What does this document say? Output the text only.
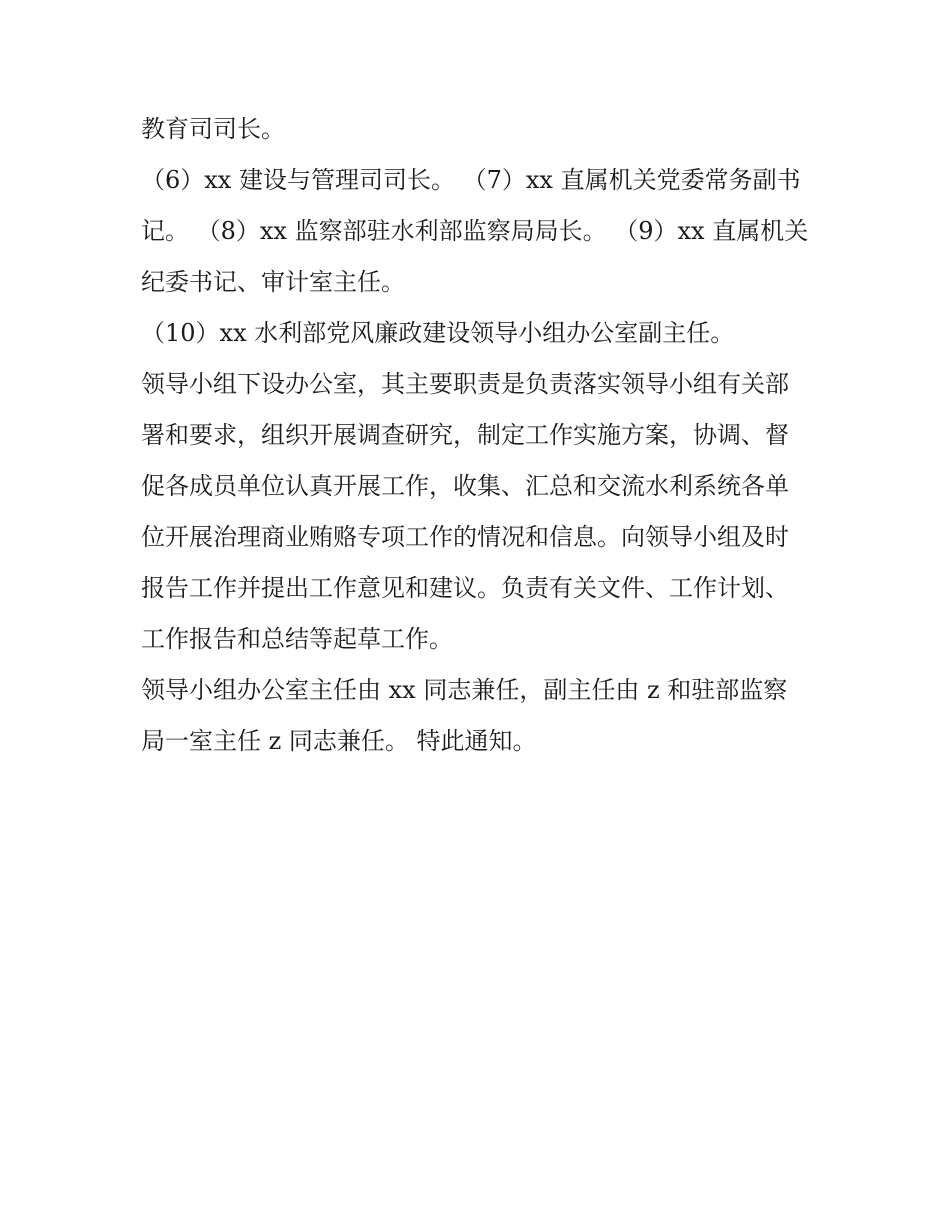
教育司司长。
（6）xx 建设与管理司司长。 （7）xx 直属机关党委常务副书
记。 （8）xx 监察部驻水利部监察局局长。 （9）xx 直属机关
纪委书记、审计室主任。
（10）xx 水利部党风廉政建设领导小组办公室副主任。
领导小组下设办公室，其主要职责是负责落实领导小组有关部
署和要求，组织开展调查研究，制定工作实施方案，协调、督
促各成员单位认真开展工作，收集、汇总和交流水利系统各单
位开展治理商业贿赂专项工作的情况和信息。向领导小组及时
报告工作并提出工作意见和建议。负责有关文件、工作计划、
工作报告和总结等起草工作。
领导小组办公室主任由 xx 同志兼任，副主任由 z 和驻部监察
局一室主任 z 同志兼任。 特此通知。
